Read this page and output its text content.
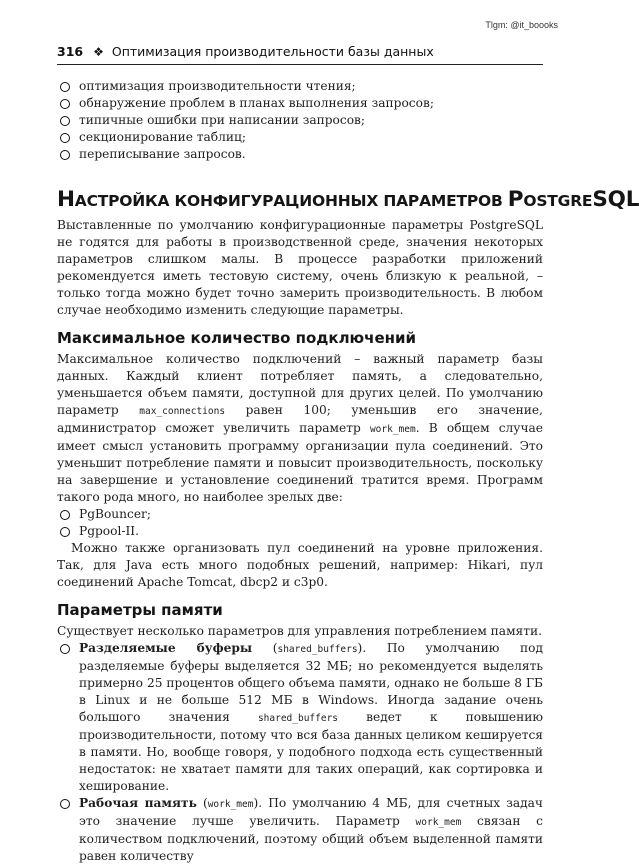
Tlgm: @it_boooks
316 ❖ Оптимизация производительности базы данных
оптимизация производительности чтения;
обнаружение проблем в планах выполнения запросов;
типичные ошибки при написании запросов;
секционирование таблиц;
переписывание запросов.
НАСТРОЙКА КОНФИГУРАЦИОННЫХ ПАРАМЕТРОВ POSTGRESQL

Выставленные по умолчанию конфигурационные параметры PostgreSQL не годятся для работы в производственной среде, значения некоторых параметров слишком малы. В процессе разработки приложений рекомендуется иметь тестовую систему, очень близкую к реальной, – только тогда можно будет точно замерить производительность. В любом случае необходимо изменить следующие параметры.

Максимальное количество подключений

Максимальное количество подключений – важный параметр базы данных. Каждый клиент потребляет память, а следовательно, уменьшается объем памяти, доступной для других целей. По умолчанию параметр max_connections равен 100; уменьшив его значение, администратор сможет увеличить параметр work_mem. В общем случае имеет смысл установить программу организации пула соединений. Это уменьшит потребление памяти и повысит производительность, поскольку на завершение и установление соединений тратится время. Программ такого рода много, но наиболее зрелых две:

PgBouncer;
Pgpool-II.

Можно также организовать пул соединений на уровне приложения. Так, для Java есть много подобных решений, например: Hikari, пул соединений Apache Tomcat, dbcp2 и c3p0.

Параметры памяти

Существует несколько параметров для управления потреблением памяти.

Разделяемые буферы (shared_buffers). По умолчанию под разделяемые буферы выделяется 32 МБ; но рекомендуется выделять примерно 25 процентов общего объема памяти, однако не больше 8 ГБ в Linux и не больше 512 МБ в Windows. Иногда задание очень большого значения shared_buffers ведет к повышению производительности, потому что вся база данных целиком кешируется в памяти. Но, вообще говоря, у подобного подхода есть существенный недостаток: не хватает памяти для таких операций, как сортировка и хеширование.
Рабочая память (work_mem). По умолчанию 4 МБ, для счетных задач это значение лучше увеличить. Параметр work_mem связан с количеством подключений, поэтому общий объем выделенной памяти равен количеству
